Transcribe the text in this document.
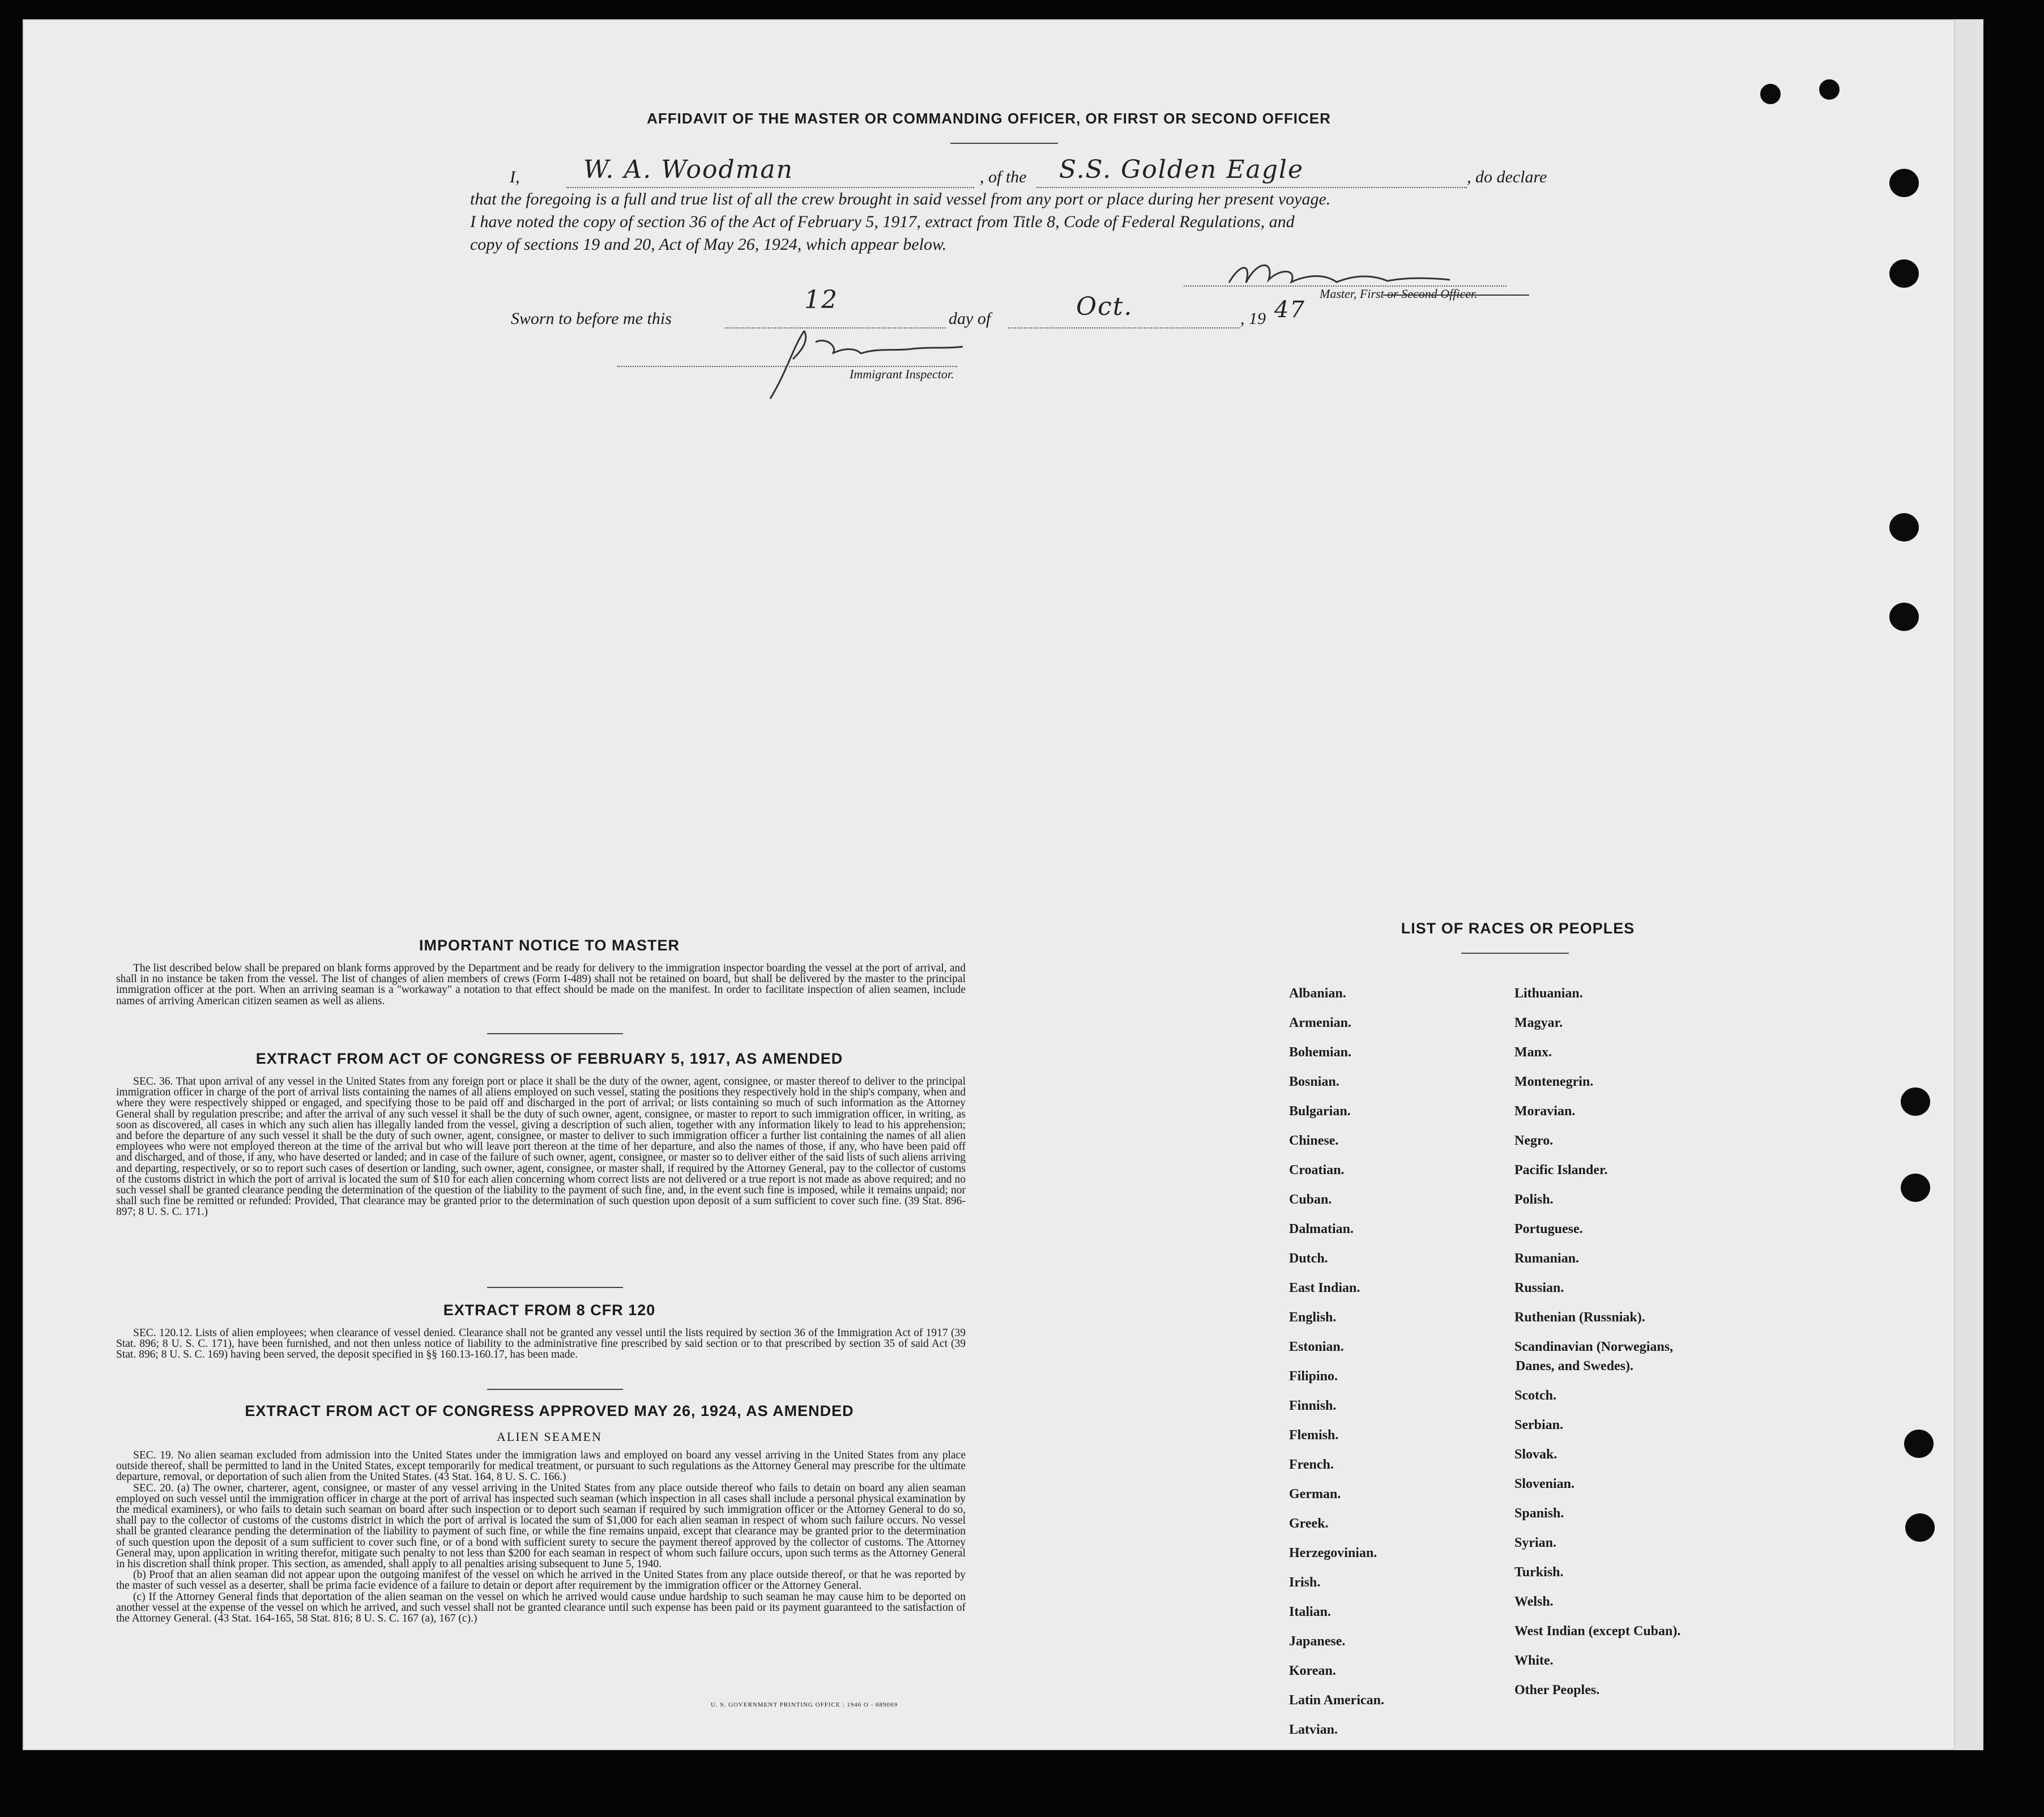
AFFIDAVIT OF THE MASTER OR COMMANDING OFFICER, OR FIRST OR SECOND OFFICER
I,	W. A. Woodman	, of the S.S. Golden Eagle	, do declare
that the foregoing is a full and true list of all the crew brought in said vessel from any port or place during her present voyage.
I have noted the copy of section 36 of the Act of February 5, 1917, extract from Title 8, Code of Federal Regulations, and
copy of sections 19 and 20, Act of May 26, 1924, which appear below.
Master, First or Second Officer.
Sworn to before me this
12
day of	Oct.	, 19 47
Immigrant Inspector.
IMPORTANT NOTICE TO MASTER

The list described below shall be prepared on blank forms approved by the Department and be ready for delivery to the immigration inspector boarding the vessel at the port of arrival, and shall in no instance be taken from the vessel. The list of changes of alien members of crews (Form I-489) shall not be retained on board, but shall be delivered by the master to the principal immigration officer at the port. When an arriving seaman is a "workaway" a notation to that effect should be made on the manifest. In order to facilitate inspection of alien seamen, include names of arriving American citizen seamen as well as aliens.

EXTRACT FROM ACT OF CONGRESS OF FEBRUARY 5, 1917, AS AMENDED

SEC. 36. That upon arrival of any vessel in the United States from any foreign port or place it shall be the duty of the owner, agent, consignee, or master thereof to deliver to the principal immigration officer in charge of the port of arrival lists containing the names of all aliens employed on such vessel, stating the positions they respectively hold in the ship's company, when and where they were respectively shipped or engaged, and specifying those to be paid off and discharged in the port of arrival; or lists containing so much of such information as the Attorney General shall by regulation prescribe; and after the arrival of any such vessel it shall be the duty of such owner, agent, consignee, or master to report to such immigration officer, in writing, as soon as discovered, all cases in which any such alien has illegally landed from the vessel, giving a description of such alien, together with any information likely to lead to his apprehension; and before the departure of any such vessel it shall be the duty of such owner, agent, consignee, or master to deliver to such immigration officer a further list containing the names of all alien employees who were not employed thereon at the time of the arrival but who will leave port thereon at the time of her departure, and also the names of those, if any, who have been paid off and discharged, and of those, if any, who have deserted or landed; and in case of the failure of such owner, agent, consignee, or master so to deliver either of the said lists of such aliens arriving and departing, respectively, or so to report such cases of desertion or landing, such owner, agent, consignee, or master shall, if required by the Attorney General, pay to the collector of customs of the customs district in which the port of arrival is located the sum of $10 for each alien concerning whom correct lists are not delivered or a true report is not made as above required; and no such vessel shall be granted clearance pending the determination of the question of the liability to the payment of such fine, and, in the event such fine is imposed, while it remains unpaid; nor shall such fine be remitted or refunded: Provided, That clearance may be granted prior to the determination of such question upon deposit of a sum sufficient to cover such fine. (39 Stat. 896-897; 8 U. S. C. 171.)

EXTRACT FROM 8 CFR 120

SEC. 120.12. Lists of alien employees; when clearance of vessel denied. Clearance shall not be granted any vessel until the lists required by section 36 of the Immigration Act of 1917 (39 Stat. 896; 8 U. S. C. 171), have been furnished, and not then unless notice of liability to the administrative fine prescribed by said section or to that prescribed by section 35 of said Act (39 Stat. 896; 8 U. S. C. 169) having been served, the deposit specified in §§ 160.13-160.17, has been made.

EXTRACT FROM ACT OF CONGRESS APPROVED MAY 26, 1924, AS AMENDED
ALIEN SEAMEN

SEC. 19. No alien seaman excluded from admission into the United States under the immigration laws and employed on board any vessel arriving in the United States from any place outside thereof, shall be permitted to land in the United States, except temporarily for medical treatment, or pursuant to such regulations as the Attorney General may prescribe for the ultimate departure, removal, or deportation of such alien from the United States. (43 Stat. 164, 8 U. S. C. 166.)

SEC. 20. (a) The owner, charterer, agent, consignee, or master of any vessel arriving in the United States from any place outside thereof who fails to detain on board any alien seaman employed on such vessel until the immigration officer in charge at the port of arrival has inspected such seaman (which inspection in all cases shall include a personal physical examination by the medical examiners), or who fails to detain such seaman on board after such inspection or to deport such seaman if required by such immigration officer or the Attorney General to do so, shall pay to the collector of customs of the customs district in which the port of arrival is located the sum of $1,000 for each alien seaman in respect of whom such failure occurs. No vessel shall be granted clearance pending the determination of the liability to payment of such fine, or while the fine remains unpaid, except that clearance may be granted prior to the determination of such question upon the deposit of a sum sufficient to cover such fine, or of a bond with sufficient surety to secure the payment thereof approved by the collector of customs. The Attorney General may, upon application in writing therefor, mitigate such penalty to not less than $200 for each seaman in respect of whom such failure occurs, upon such terms as the Attorney General in his discretion shall think proper. This section, as amended, shall apply to all penalties arising subsequent to June 5, 1940.

(b) Proof that an alien seaman did not appear upon the outgoing manifest of the vessel on which he arrived in the United States from any place outside thereof, or that he was reported by the master of such vessel as a deserter, shall be prima facie evidence of a failure to detain or deport after requirement by the immigration officer or the Attorney General.

(c) If the Attorney General finds that deportation of the alien seaman on the vessel on which he arrived would cause undue hardship to such seaman he may cause him to be deported on another vessel at the expense of the vessel on which he arrived, and such vessel shall not be granted clearance until such expense has been paid or its payment guaranteed to the satisfaction of the Attorney General. (43 Stat. 164-165, 58 Stat. 816; 8 U. S. C. 167 (a), 167 (c).)

U. S. GOVERNMENT PRINTING OFFICE : 1946 O - 689069
LIST OF RACES OR PEOPLES
Albanian.
Armenian.
Bohemian.
Bosnian.
Bulgarian.
Chinese.
Croatian.
Cuban.
Dalmatian.
Dutch.
East Indian.
English.
Estonian.
Filipino.
Finnish.
Flemish.
French.
German.
Greek.
Herzegovinian.
Irish.
Italian.
Japanese.
Korean.
Latin American.
Latvian.
Lithuanian.
Magyar.
Manx.
Montenegrin.
Moravian.
Negro.
Pacific Islander.
Polish.
Portuguese.
Rumanian.
Russian.
Ruthenian (Russniak).
Scandinavian (Norwegians,
Danes, and Swedes).
Scotch.
Serbian.
Slovak.
Slovenian.
Spanish.
Syrian.
Turkish.
Welsh.
West Indian (except Cuban).
White.
Other Peoples.
